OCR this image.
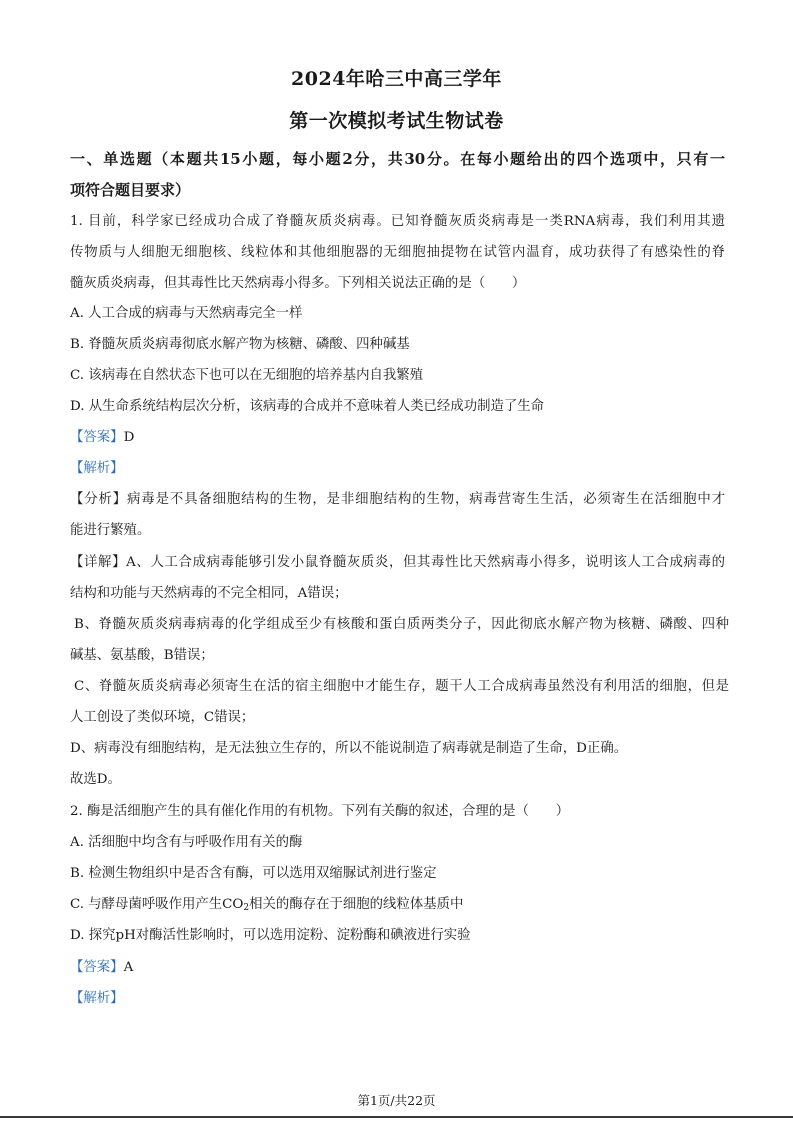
2024年哈三中高三学年
第一次模拟考试生物试卷
一、单选题（本题共15小题，每小题2分，共30分。在每小题给出的四个选项中，只有一
项符合题目要求）
1. 目前，科学家已经成功合成了脊髓灰质炎病毒。已知脊髓灰质炎病毒是一类RNA病毒，我们利用其遗
传物质与人细胞无细胞核、线粒体和其他细胞器的无细胞抽提物在试管内温育，成功获得了有感染性的脊
髓灰质炎病毒，但其毒性比天然病毒小得多。下列相关说法正确的是（　　）
A. 人工合成的病毒与天然病毒完全一样
B. 脊髓灰质炎病毒彻底水解产物为核糖、磷酸、四种碱基
C. 该病毒在自然状态下也可以在无细胞的培养基内自我繁殖
D. 从生命系统结构层次分析，该病毒的合成并不意味着人类已经成功制造了生命
【答案】D
【解析】
【分析】病毒是不具备细胞结构的生物，是非细胞结构的生物，病毒营寄生生活，必须寄生在活细胞中才
能进行繁殖。
【详解】A、人工合成病毒能够引发小鼠脊髓灰质炎，但其毒性比天然病毒小得多，说明该人工合成病毒的
结构和功能与天然病毒的不完全相同，A错误；
B、脊髓灰质炎病毒病毒的化学组成至少有核酸和蛋白质两类分子，因此彻底水解产物为核糖、磷酸、四种
碱基、氨基酸，B错误；
C、脊髓灰质炎病毒必须寄生在活的宿主细胞中才能生存，题干人工合成病毒虽然没有利用活的细胞，但是
人工创设了类似环境，C错误；
D、病毒没有细胞结构，是无法独立生存的，所以不能说制造了病毒就是制造了生命，D正确。
故选D。
2. 酶是活细胞产生的具有催化作用的有机物。下列有关酶的叙述，合理的是（　　）
A. 活细胞中均含有与呼吸作用有关的酶
B. 检测生物组织中是否含有酶，可以选用双缩脲试剂进行鉴定
C. 与酵母菌呼吸作用产生$CO_2$相关的酶存在于细胞的线粒体基质中
D. 探究pH对酶活性影响时，可以选用淀粉、淀粉酶和碘液进行实验
【答案】A
【解析】
第1页/共22页
